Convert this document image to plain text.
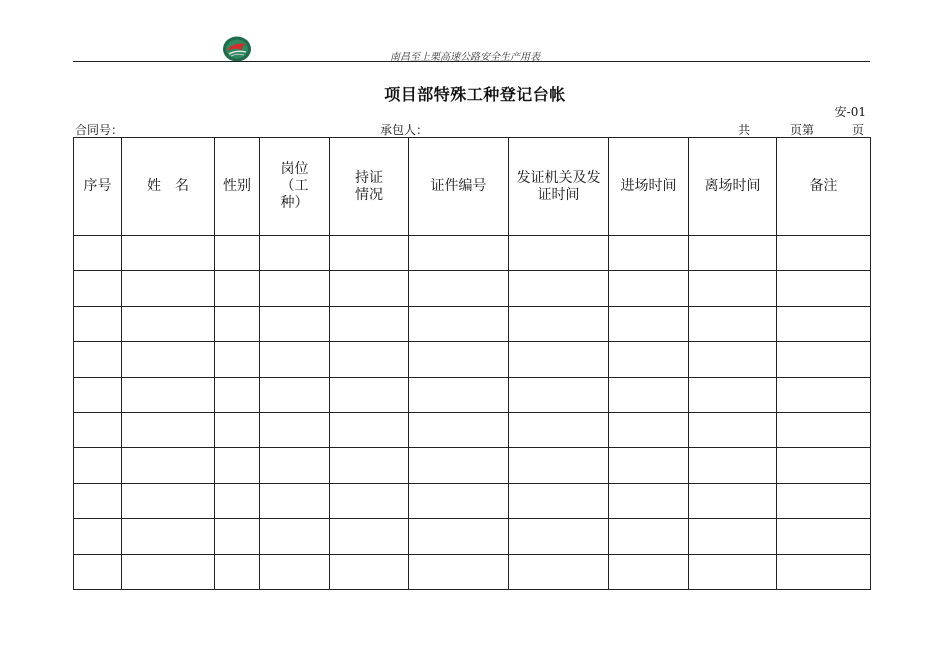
南昌至上栗高速公路安全生产用表
项目部特殊工种登记台帐
安-01
合同号：	承包人：	共	页第	页
序号	姓　名	性别	岗位（工种）	持证情况	证件编号	发证机关及发证时间	进场时间	离场时间	备注
